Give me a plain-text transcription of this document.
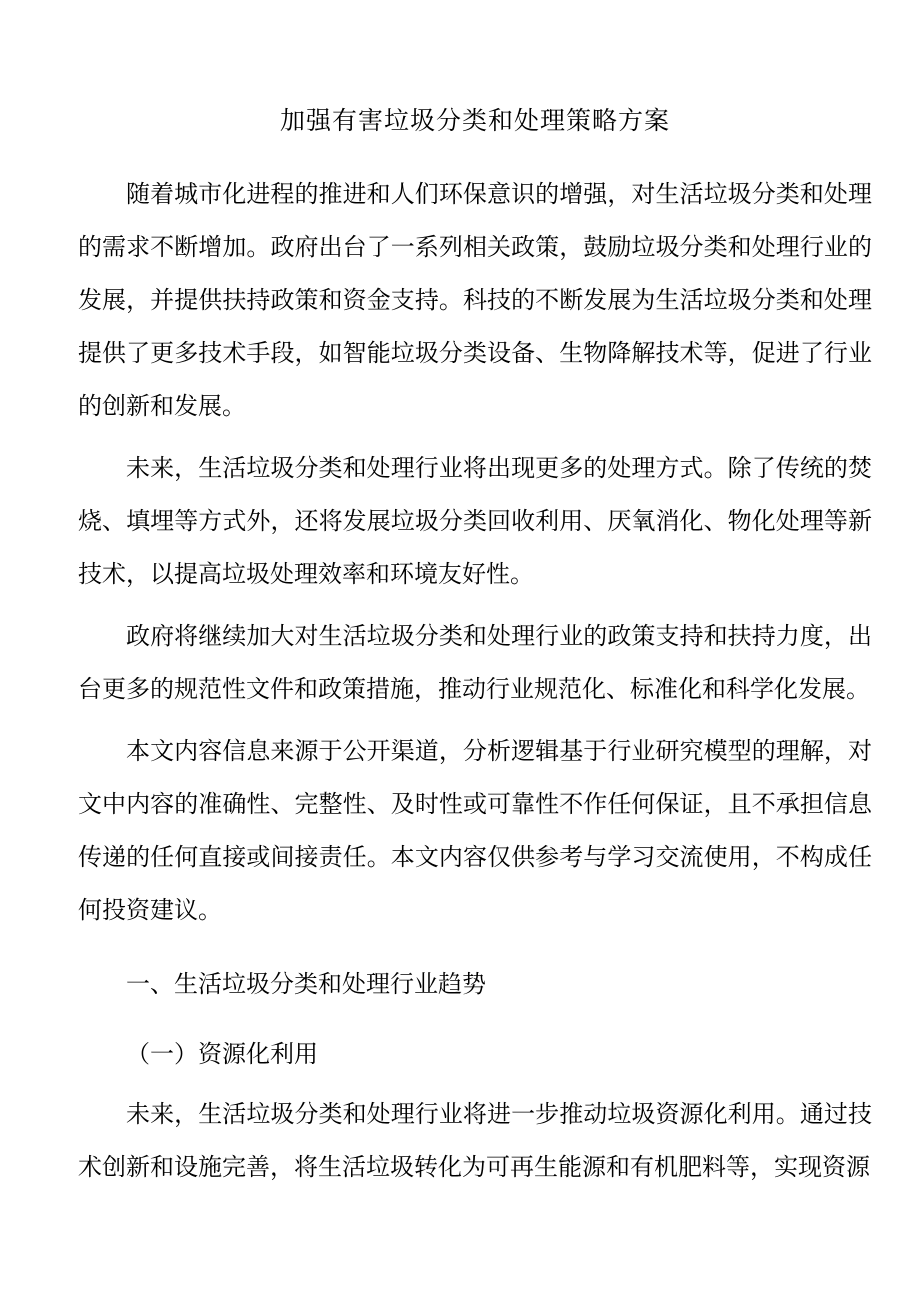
加强有害垃圾分类和处理策略方案

随着城市化进程的推进和人们环保意识的增强，对生活垃圾分类和处理的需求不断增加。政府出台了一系列相关政策，鼓励垃圾分类和处理行业的发展，并提供扶持政策和资金支持。科技的不断发展为生活垃圾分类和处理提供了更多技术手段，如智能垃圾分类设备、生物降解技术等，促进了行业的创新和发展。

未来，生活垃圾分类和处理行业将出现更多的处理方式。除了传统的焚烧、填埋等方式外，还将发展垃圾分类回收利用、厌氧消化、物化处理等新技术，以提高垃圾处理效率和环境友好性。

政府将继续加大对生活垃圾分类和处理行业的政策支持和扶持力度，出台更多的规范性文件和政策措施，推动行业规范化、标准化和科学化发展。

本文内容信息来源于公开渠道，分析逻辑基于行业研究模型的理解，对文中内容的准确性、完整性、及时性或可靠性不作任何保证，且不承担信息传递的任何直接或间接责任。本文内容仅供参考与学习交流使用，不构成任何投资建议。

一、生活垃圾分类和处理行业趋势
（一）资源化利用

未来，生活垃圾分类和处理行业将进一步推动垃圾资源化利用。通过技术创新和设施完善，将生活垃圾转化为可再生能源和有机肥料等，实现资源
